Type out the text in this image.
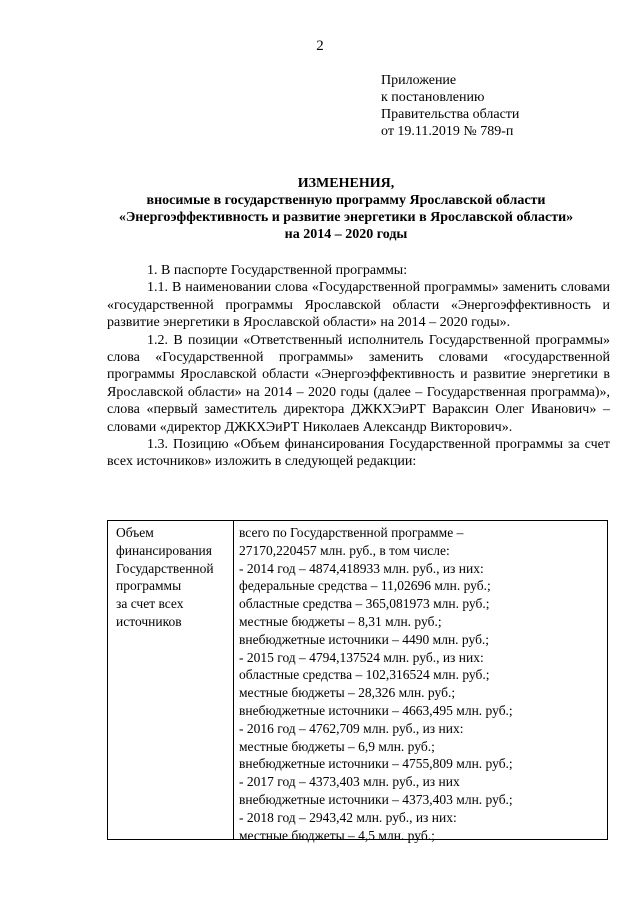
2
Приложение
к постановлению
Правительства области
от 19.11.2019 № 789-п
ИЗМЕНЕНИЯ,
вносимые в государственную программу Ярославской области
«Энергоэффективность и развитие энергетики в Ярославской области»
на 2014 – 2020 годы

1. В паспорте Государственной программы:

1.1. В наименовании слова «Государственной программы» заменить словами «государственной программы Ярославской области «Энергоэффективность и развитие энергетики в Ярославской области» на 2014 – 2020 годы».

1.2. В позиции «Ответственный исполнитель Государственной программы» слова «Государственной программы» заменить словами «государственной программы Ярославской области «Энергоэффективность и развитие энергетики в Ярославской области» на 2014 – 2020 годы (далее – Государственная программа)», слова «первый заместитель директора ДЖКХЭиРТ Вараксин Олег Иванович» – словами «директор ДЖКХЭиРТ Николаев Александр Викторович».

1.3. Позицию «Объем финансирования Государственной программы за счет всех источников» изложить в следующей редакции:

Объем
финансирования
Государственной
программы
за счет всех
источников
всего по Государственной программе –
27170,220457 млн. руб., в том числе:
- 2014 год – 4874,418933 млн. руб., из них:
федеральные средства – 11,02696 млн. руб.;
областные средства – 365,081973 млн. руб.;
местные бюджеты – 8,31 млн. руб.;
внебюджетные источники – 4490 млн. руб.;
- 2015 год – 4794,137524 млн. руб., из них:
областные средства – 102,316524 млн. руб.;
местные бюджеты – 28,326 млн. руб.;
внебюджетные источники – 4663,495 млн. руб.;
- 2016 год – 4762,709 млн. руб., из них:
местные бюджеты – 6,9 млн. руб.;
внебюджетные источники – 4755,809 млн. руб.;
- 2017 год – 4373,403 млн. руб., из них
внебюджетные источники – 4373,403 млн. руб.;
- 2018 год – 2943,42 млн. руб., из них:
местные бюджеты – 4,5 млн. руб.;
